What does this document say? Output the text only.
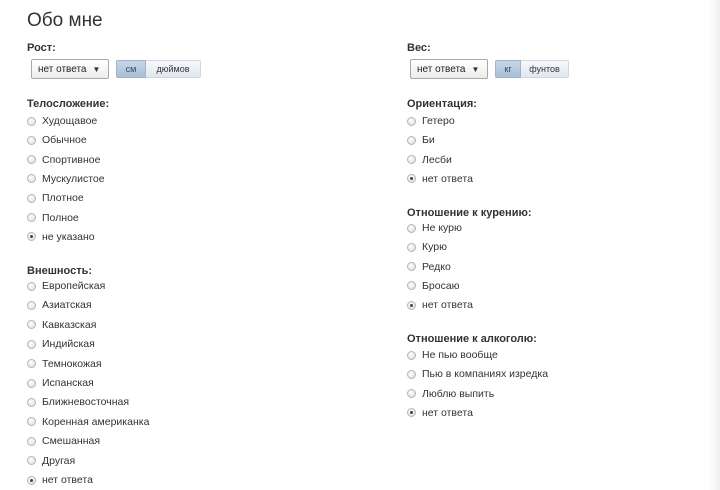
Обо мне
Рост:
нет ответа ▼	см	дюймов
Вес:
нет ответа ▼	кг	фунтов
Телосложение:
Худощавое
Обычное
Спортивное
Мускулистое
Плотное
Полное
не указано
Внешность:
Европейская
Азиатская
Кавказская
Индийская
Темнокожая
Испанская
Ближневосточная
Коренная американка
Смешанная
Другая
нет ответа
Ориентация:
Гетеро
Би
Лесби
нет ответа
Отношение к курению:
Не курю
Курю
Редко
Бросаю
нет ответа
Отношение к алкоголю:
Не пью вообще
Пью в компаниях изредка
Люблю выпить
нет ответа
